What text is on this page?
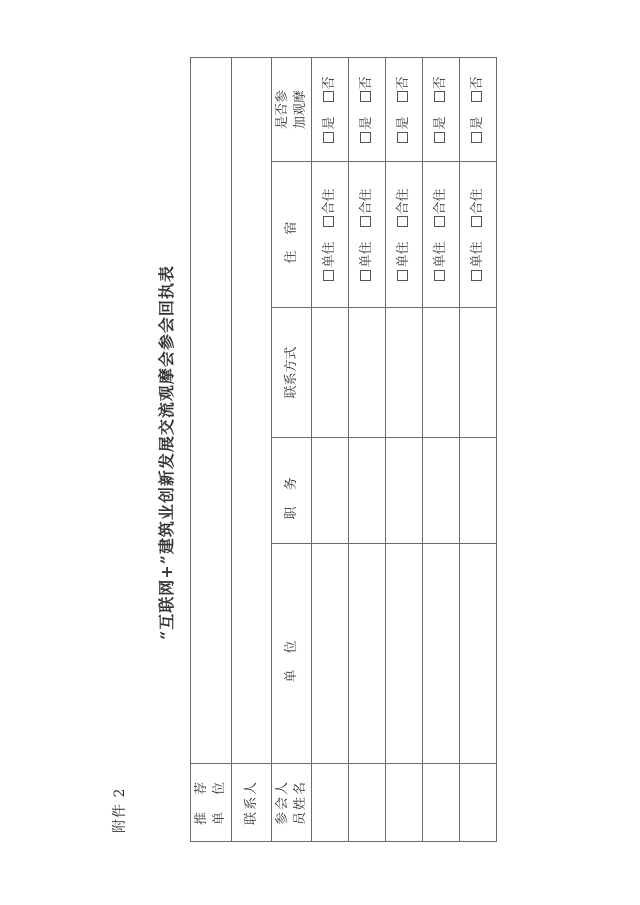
附件 2
“互联网+”建筑业创新发展交流观摩会参会回执表
推　荐 单　位					

联系人					

参会人 员姓名	单位	职务	联系方式	住宿	是否参 加观摩

				单住合住	是否
				单住合住	是否
				单住合住	是否
				单住合住	是否
				单住合住	是否
